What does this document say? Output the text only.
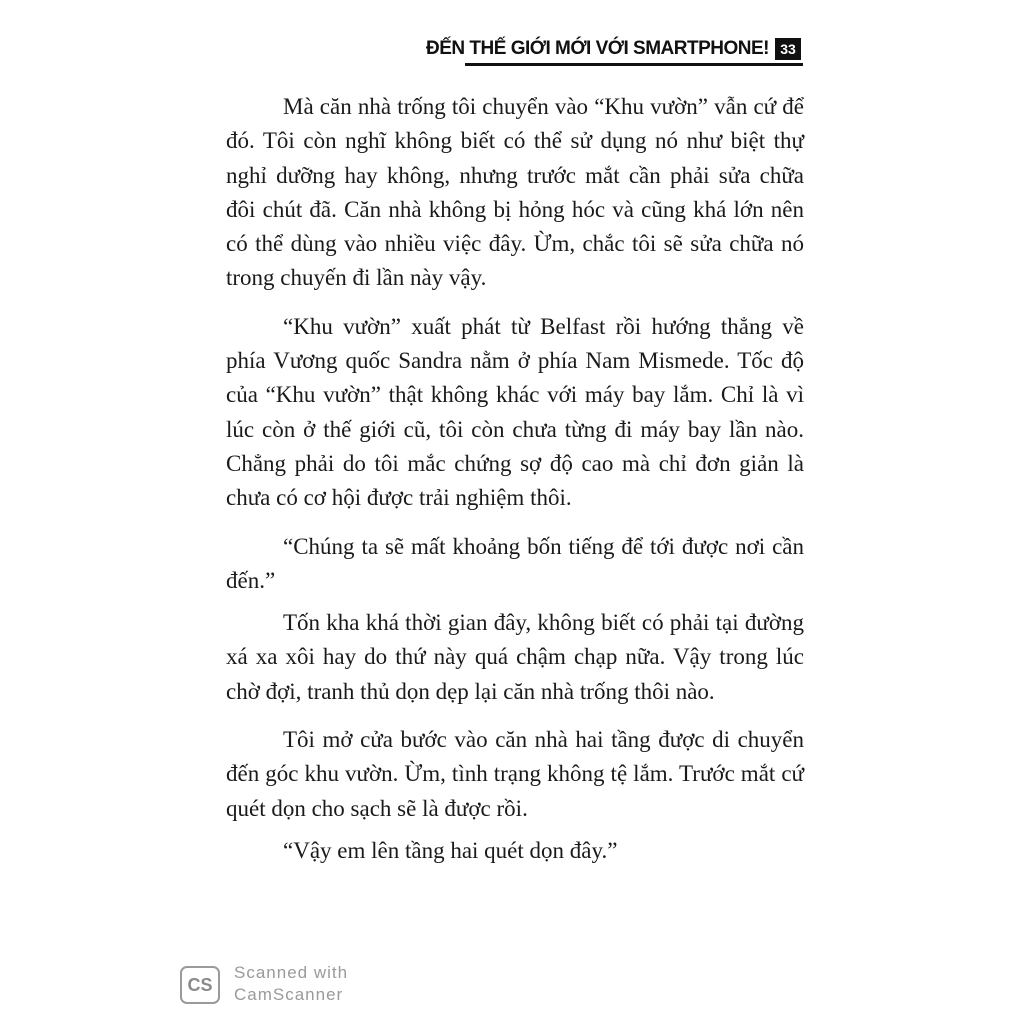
ĐẾN THẾ GIỚI MỚI VỚI SMARTPHONE! 33

Mà căn nhà trống tôi chuyển vào “Khu vườn” vẫn cứ để đó. Tôi còn nghĩ không biết có thể sử dụng nó như biệt thự nghỉ dưỡng hay không, nhưng trước mắt cần phải sửa chữa đôi chút đã. Căn nhà không bị hỏng hóc và cũng khá lớn nên có thể dùng vào nhiều việc đây. Ừm, chắc tôi sẽ sửa chữa nó trong chuyến đi lần này vậy.

“Khu vườn” xuất phát từ Belfast rồi hướng thẳng về phía Vương quốc Sandra nằm ở phía Nam Mismede. Tốc độ của “Khu vườn” thật không khác với máy bay lắm. Chỉ là vì lúc còn ở thế giới cũ, tôi còn chưa từng đi máy bay lần nào. Chẳng phải do tôi mắc chứng sợ độ cao mà chỉ đơn giản là chưa có cơ hội được trải nghiệm thôi.

“Chúng ta sẽ mất khoảng bốn tiếng để tới được nơi cần đến.”

Tốn kha khá thời gian đây, không biết có phải tại đường xá xa xôi hay do thứ này quá chậm chạp nữa. Vậy trong lúc chờ đợi, tranh thủ dọn dẹp lại căn nhà trống thôi nào.

Tôi mở cửa bước vào căn nhà hai tầng được di chuyển đến góc khu vườn. Ừm, tình trạng không tệ lắm. Trước mắt cứ quét dọn cho sạch sẽ là được rồi.

“Vậy em lên tầng hai quét dọn đây.”

CS
Scanned with
CamScanner
